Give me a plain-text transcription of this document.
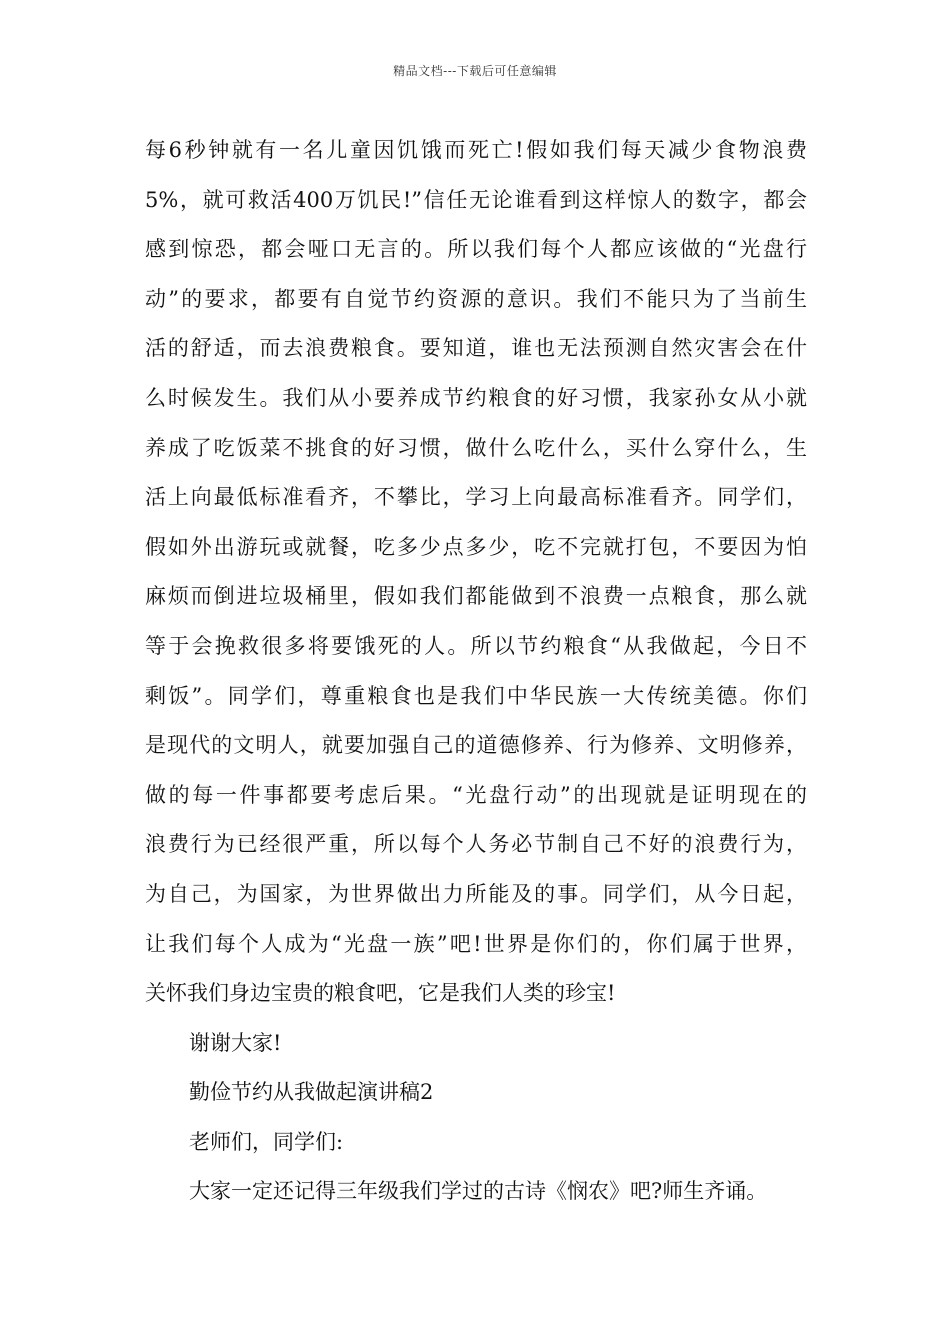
精品文档---下载后可任意编辑
每6秒钟就有一名儿童因饥饿而死亡!假如我们每天减少食物浪费
5%，就可救活400万饥民!”信任无论谁看到这样惊人的数字，都会
感到惊恐，都会哑口无言的。所以我们每个人都应该做的“光盘行
动”的要求，都要有自觉节约资源的意识。我们不能只为了当前生
活的舒适，而去浪费粮食。要知道，谁也无法预测自然灾害会在什
么时候发生。我们从小要养成节约粮食的好习惯，我家孙女从小就
养成了吃饭菜不挑食的好习惯，做什么吃什么，买什么穿什么，生
活上向最低标准看齐，不攀比，学习上向最高标准看齐。同学们，
假如外出游玩或就餐，吃多少点多少，吃不完就打包，不要因为怕
麻烦而倒进垃圾桶里，假如我们都能做到不浪费一点粮食，那么就
等于会挽救很多将要饿死的人。所以节约粮食“从我做起，今日不
剩饭”。同学们，尊重粮食也是我们中华民族一大传统美德。你们
是现代的文明人，就要加强自己的道德修养、行为修养、文明修养，
做的每一件事都要考虑后果。“光盘行动”的出现就是证明现在的
浪费行为已经很严重，所以每个人务必节制自己不好的浪费行为，
为自己，为国家，为世界做出力所能及的事。同学们，从今日起，
让我们每个人成为“光盘一族”吧!世界是你们的，你们属于世界，
关怀我们身边宝贵的粮食吧，它是我们人类的珍宝!
谢谢大家!
勤俭节约从我做起演讲稿2
老师们，同学们:
大家一定还记得三年级我们学过的古诗《悯农》吧?师生齐诵。
